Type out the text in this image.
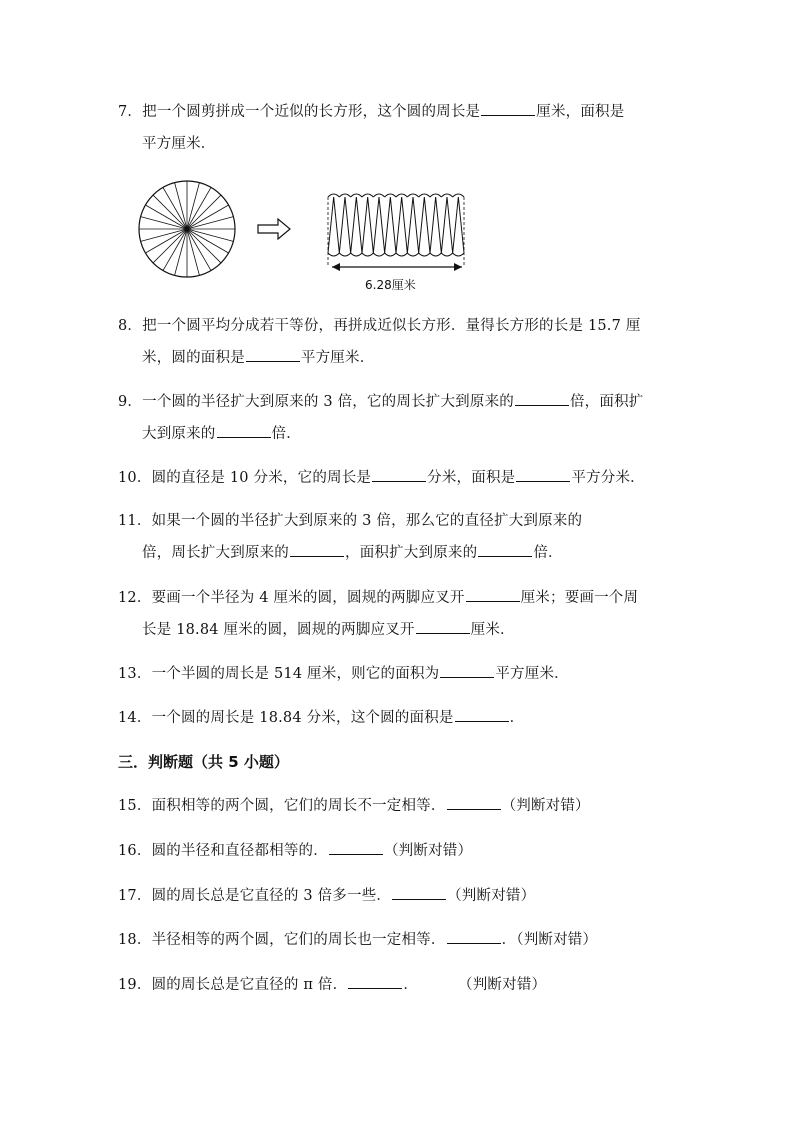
7．把一个圆剪拼成一个近似的长方形，这个圆的周长是	厘米，面积是

平方厘米．

6.28厘米

8．把一个圆平均分成若干等份，再拼成近似长方形．量得长方形的长是 15.7 厘

米，圆的面积是	平方厘米．

9．一个圆的半径扩大到原来的 3 倍，它的周长扩大到原来的	倍，面积扩

大到原来的	倍．

10．圆的直径是 10 分米，它的周长是	分米，面积是	平方分米．

11．如果一个圆的半径扩大到原来的 3 倍，那么它的直径扩大到原来的

倍，周长扩大到原来的	，面积扩大到原来的	倍．

12．要画一个半径为 4 厘米的圆，圆规的两脚应叉开	厘米；要画一个周

长是 18.84 厘米的圆，圆规的两脚应叉开	厘米．

13．一个半圆的周长是 514 厘米，则它的面积为	平方厘米．

14．一个圆的周长是 18.84 分米，这个圆的面积是	．

三．判断题（共 5 小题）

15．面积相等的两个圆，它们的周长不一定相等．	（判断对错）

16．圆的半径和直径都相等的．	（判断对错）

17．圆的周长总是它直径的 3 倍多一些．	（判断对错）

18．半径相等的两个圆，它们的周长也一定相等．	．（判断对错）

19．圆的周长总是它直径的 π 倍．	．	（判断对错）
